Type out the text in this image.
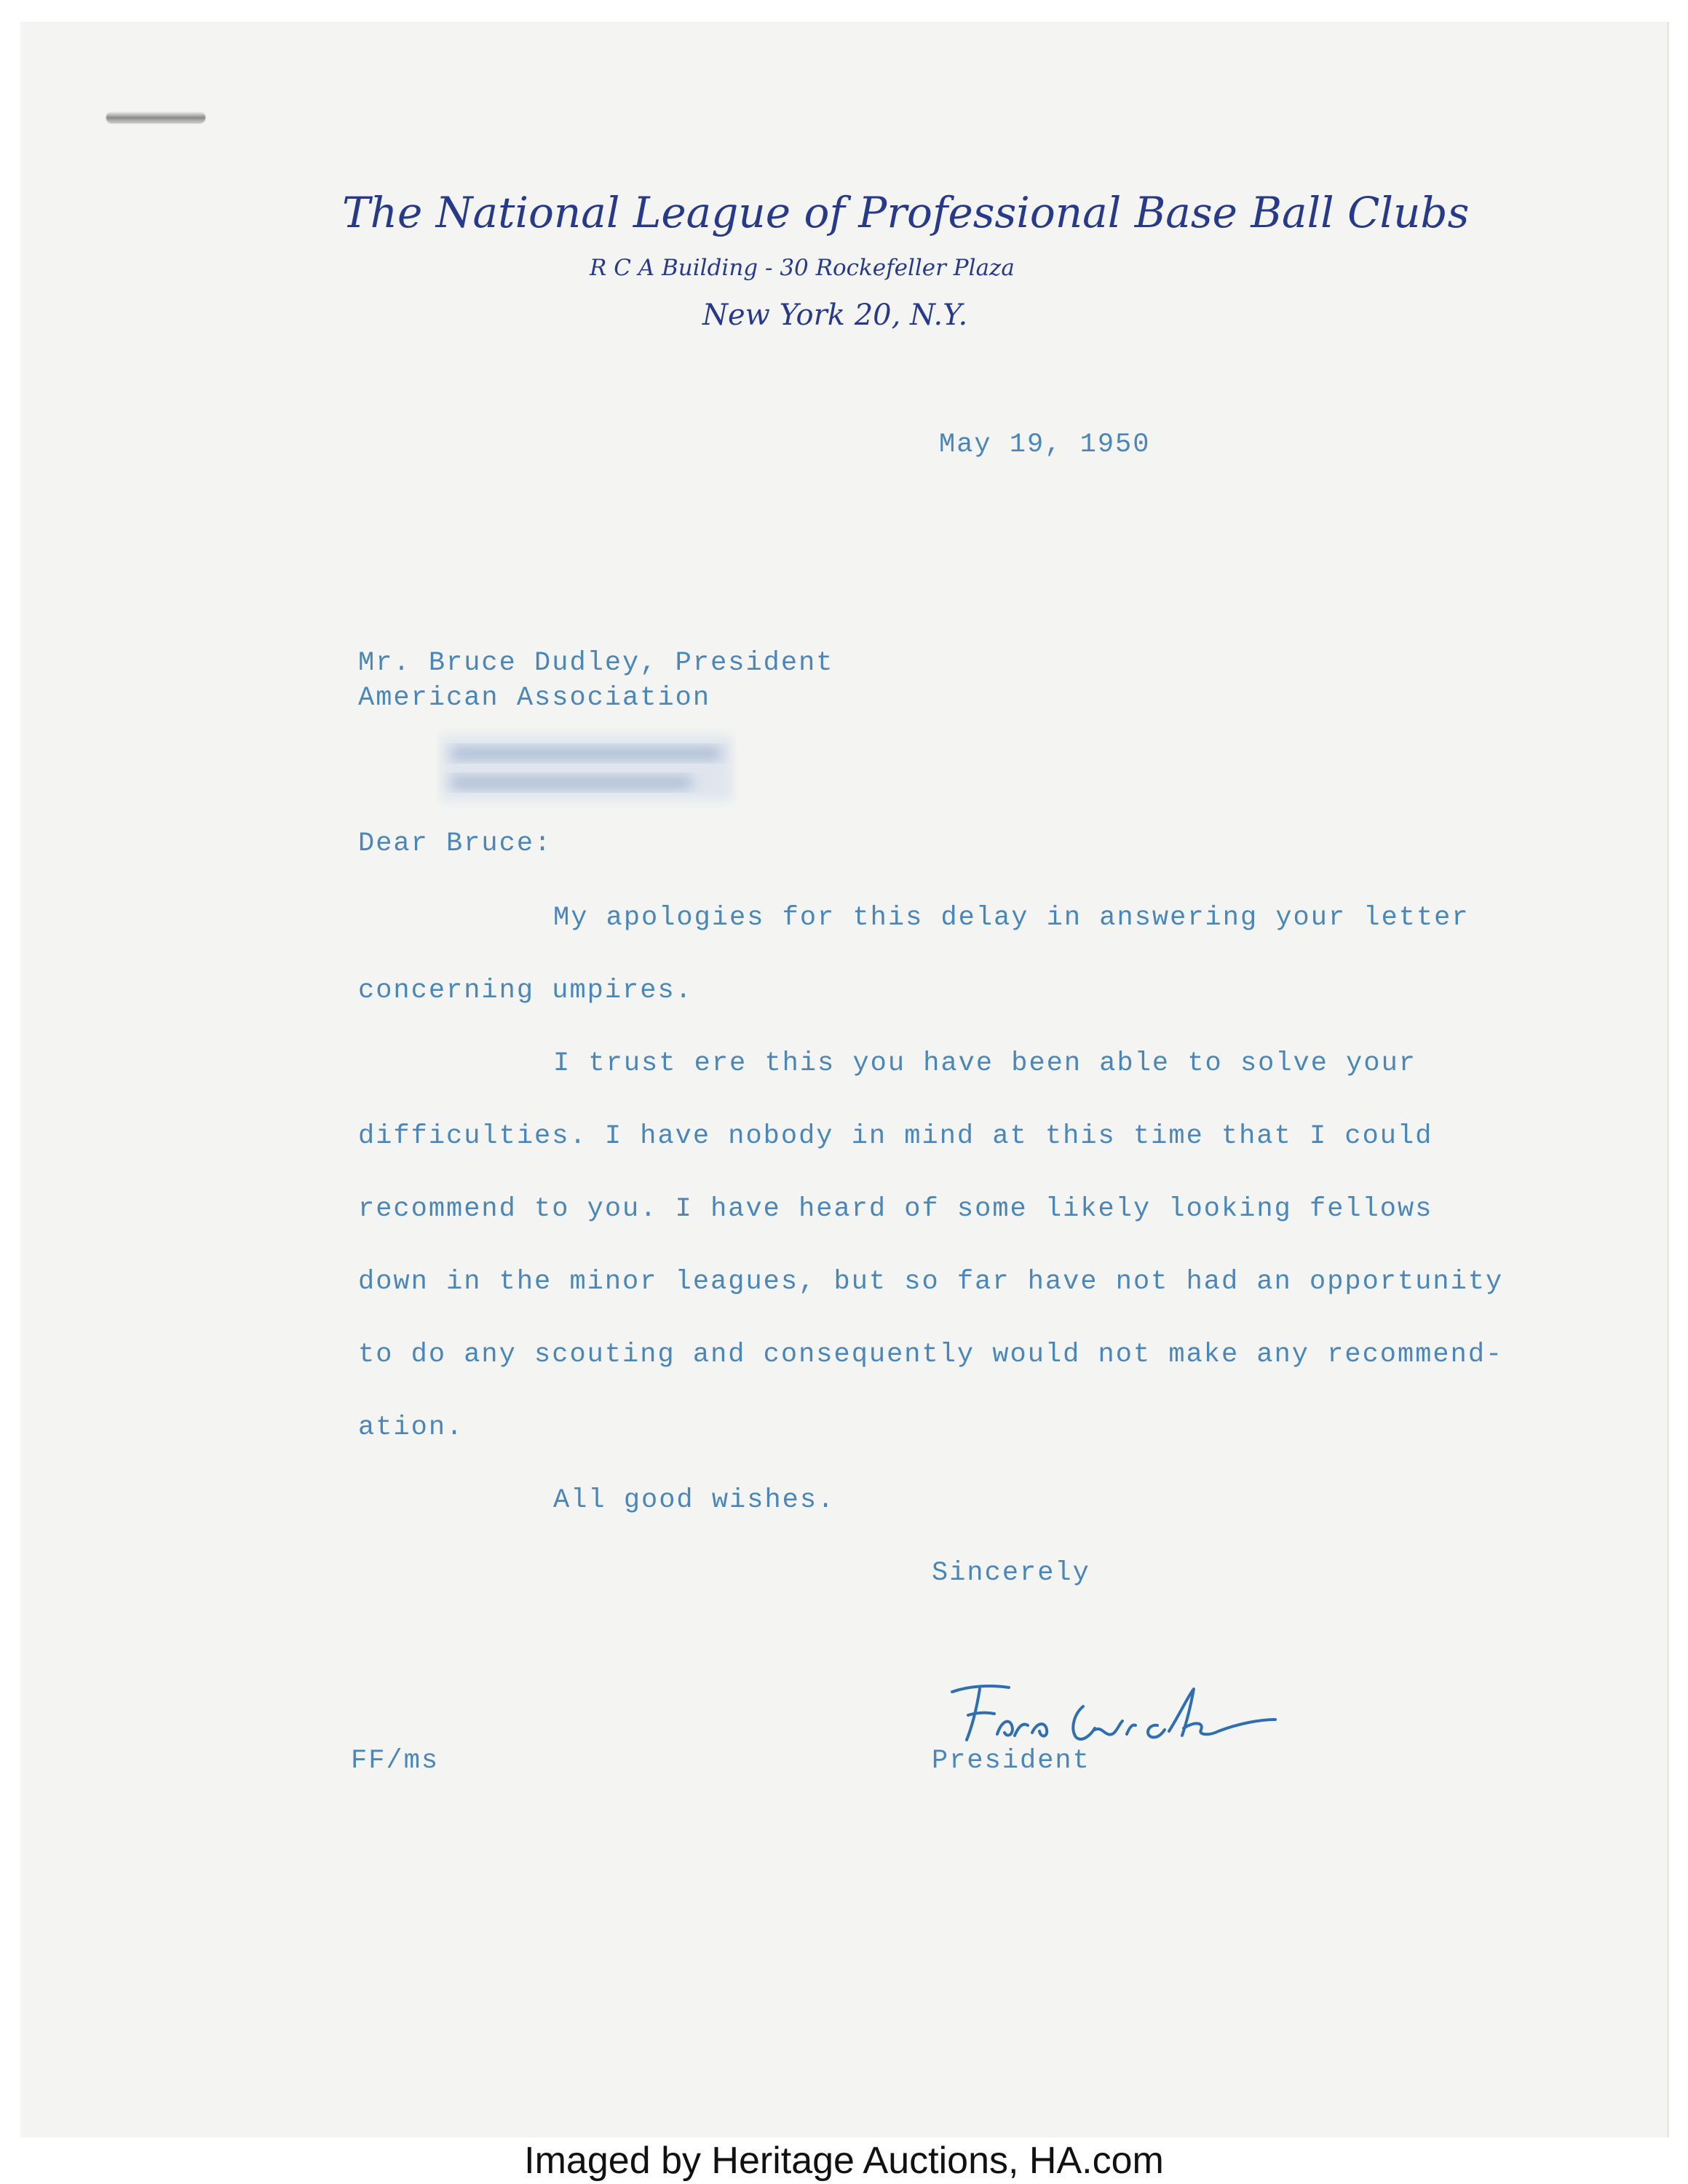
The National League of Professional Base Ball Clubs
R C A Building - 30 Rockefeller Plaza
New York 20, N.Y.
May 19, 1950
Mr. Bruce Dudley, President
American Association
Dear Bruce:
My apologies for this delay in answering your letter
concerning umpires.
I trust ere this you have been able to solve your
difficulties. I have nobody in mind at this time that I could
recommend to you. I have heard of some likely looking fellows
down in the minor leagues, but so far have not had an opportunity
to do any scouting and consequently would not make any recommend-
ation.
All good wishes.
Sincerely
FF/ms	President
Imaged by Heritage Auctions, HA.com
